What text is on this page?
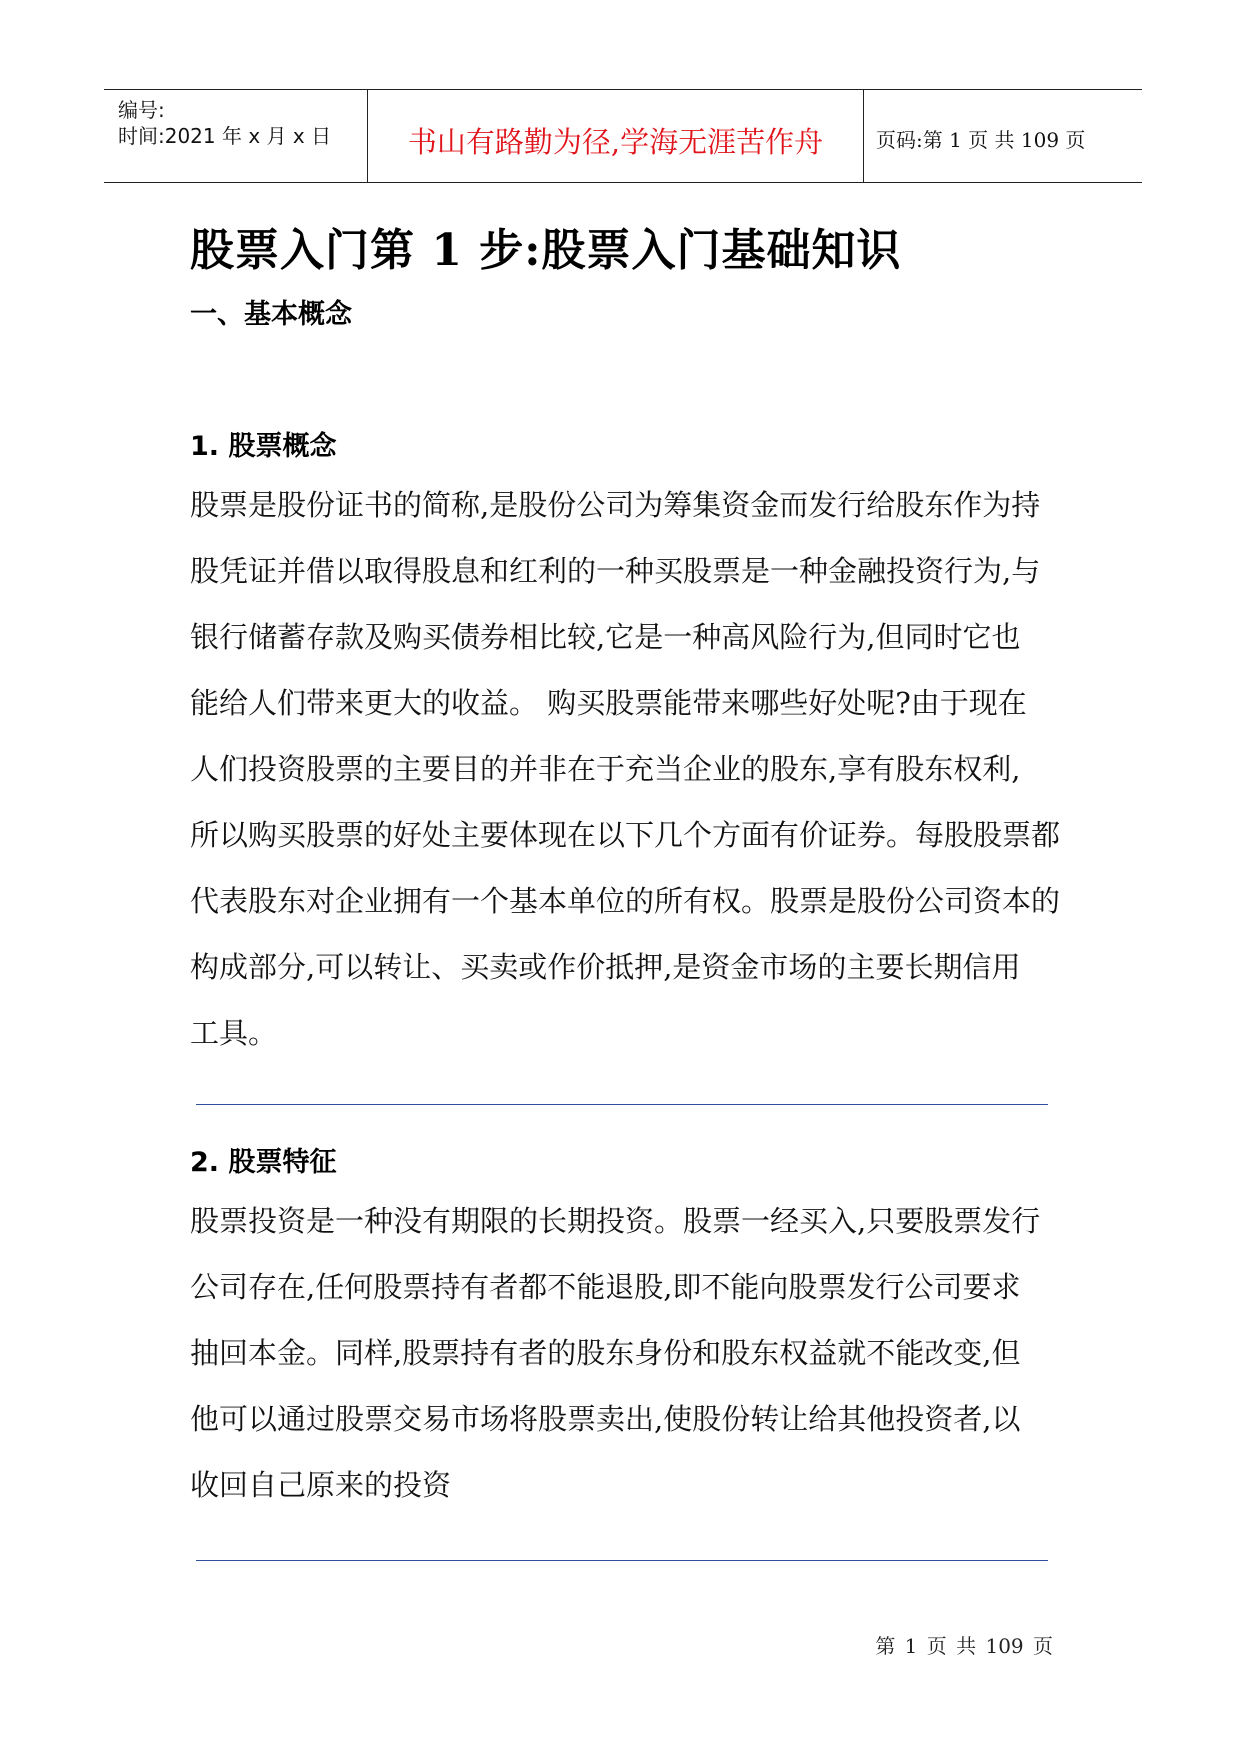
编号:
时间:2021 年 x 月 x 日	书山有路勤为径,学海无涯苦作舟	页码:第 1 页 共 109 页
股票入门第 1 步:股票入门基础知识
一、基本概念
1. 股票概念
股票是股份证书的简称,是股份公司为筹集资金而发行给股东作为持
股凭证并借以取得股息和红利的一种买股票是一种金融投资行为,与
银行储蓄存款及购买债券相比较,它是一种高风险行为,但同时它也
能给人们带来更大的收益。 购买股票能带来哪些好处呢?由于现在
人们投资股票的主要目的并非在于充当企业的股东,享有股东权利,
所以购买股票的好处主要体现在以下几个方面有价证券。每股股票都
代表股东对企业拥有一个基本单位的所有权。股票是股份公司资本的
构成部分,可以转让、买卖或作价抵押,是资金市场的主要长期信用
工具。
2. 股票特征
股票投资是一种没有期限的长期投资。股票一经买入,只要股票发行
公司存在,任何股票持有者都不能退股,即不能向股票发行公司要求
抽回本金。同样,股票持有者的股东身份和股东权益就不能改变,但
他可以通过股票交易市场将股票卖出,使股份转让给其他投资者,以
收回自己原来的投资
第 1 页 共 109 页
